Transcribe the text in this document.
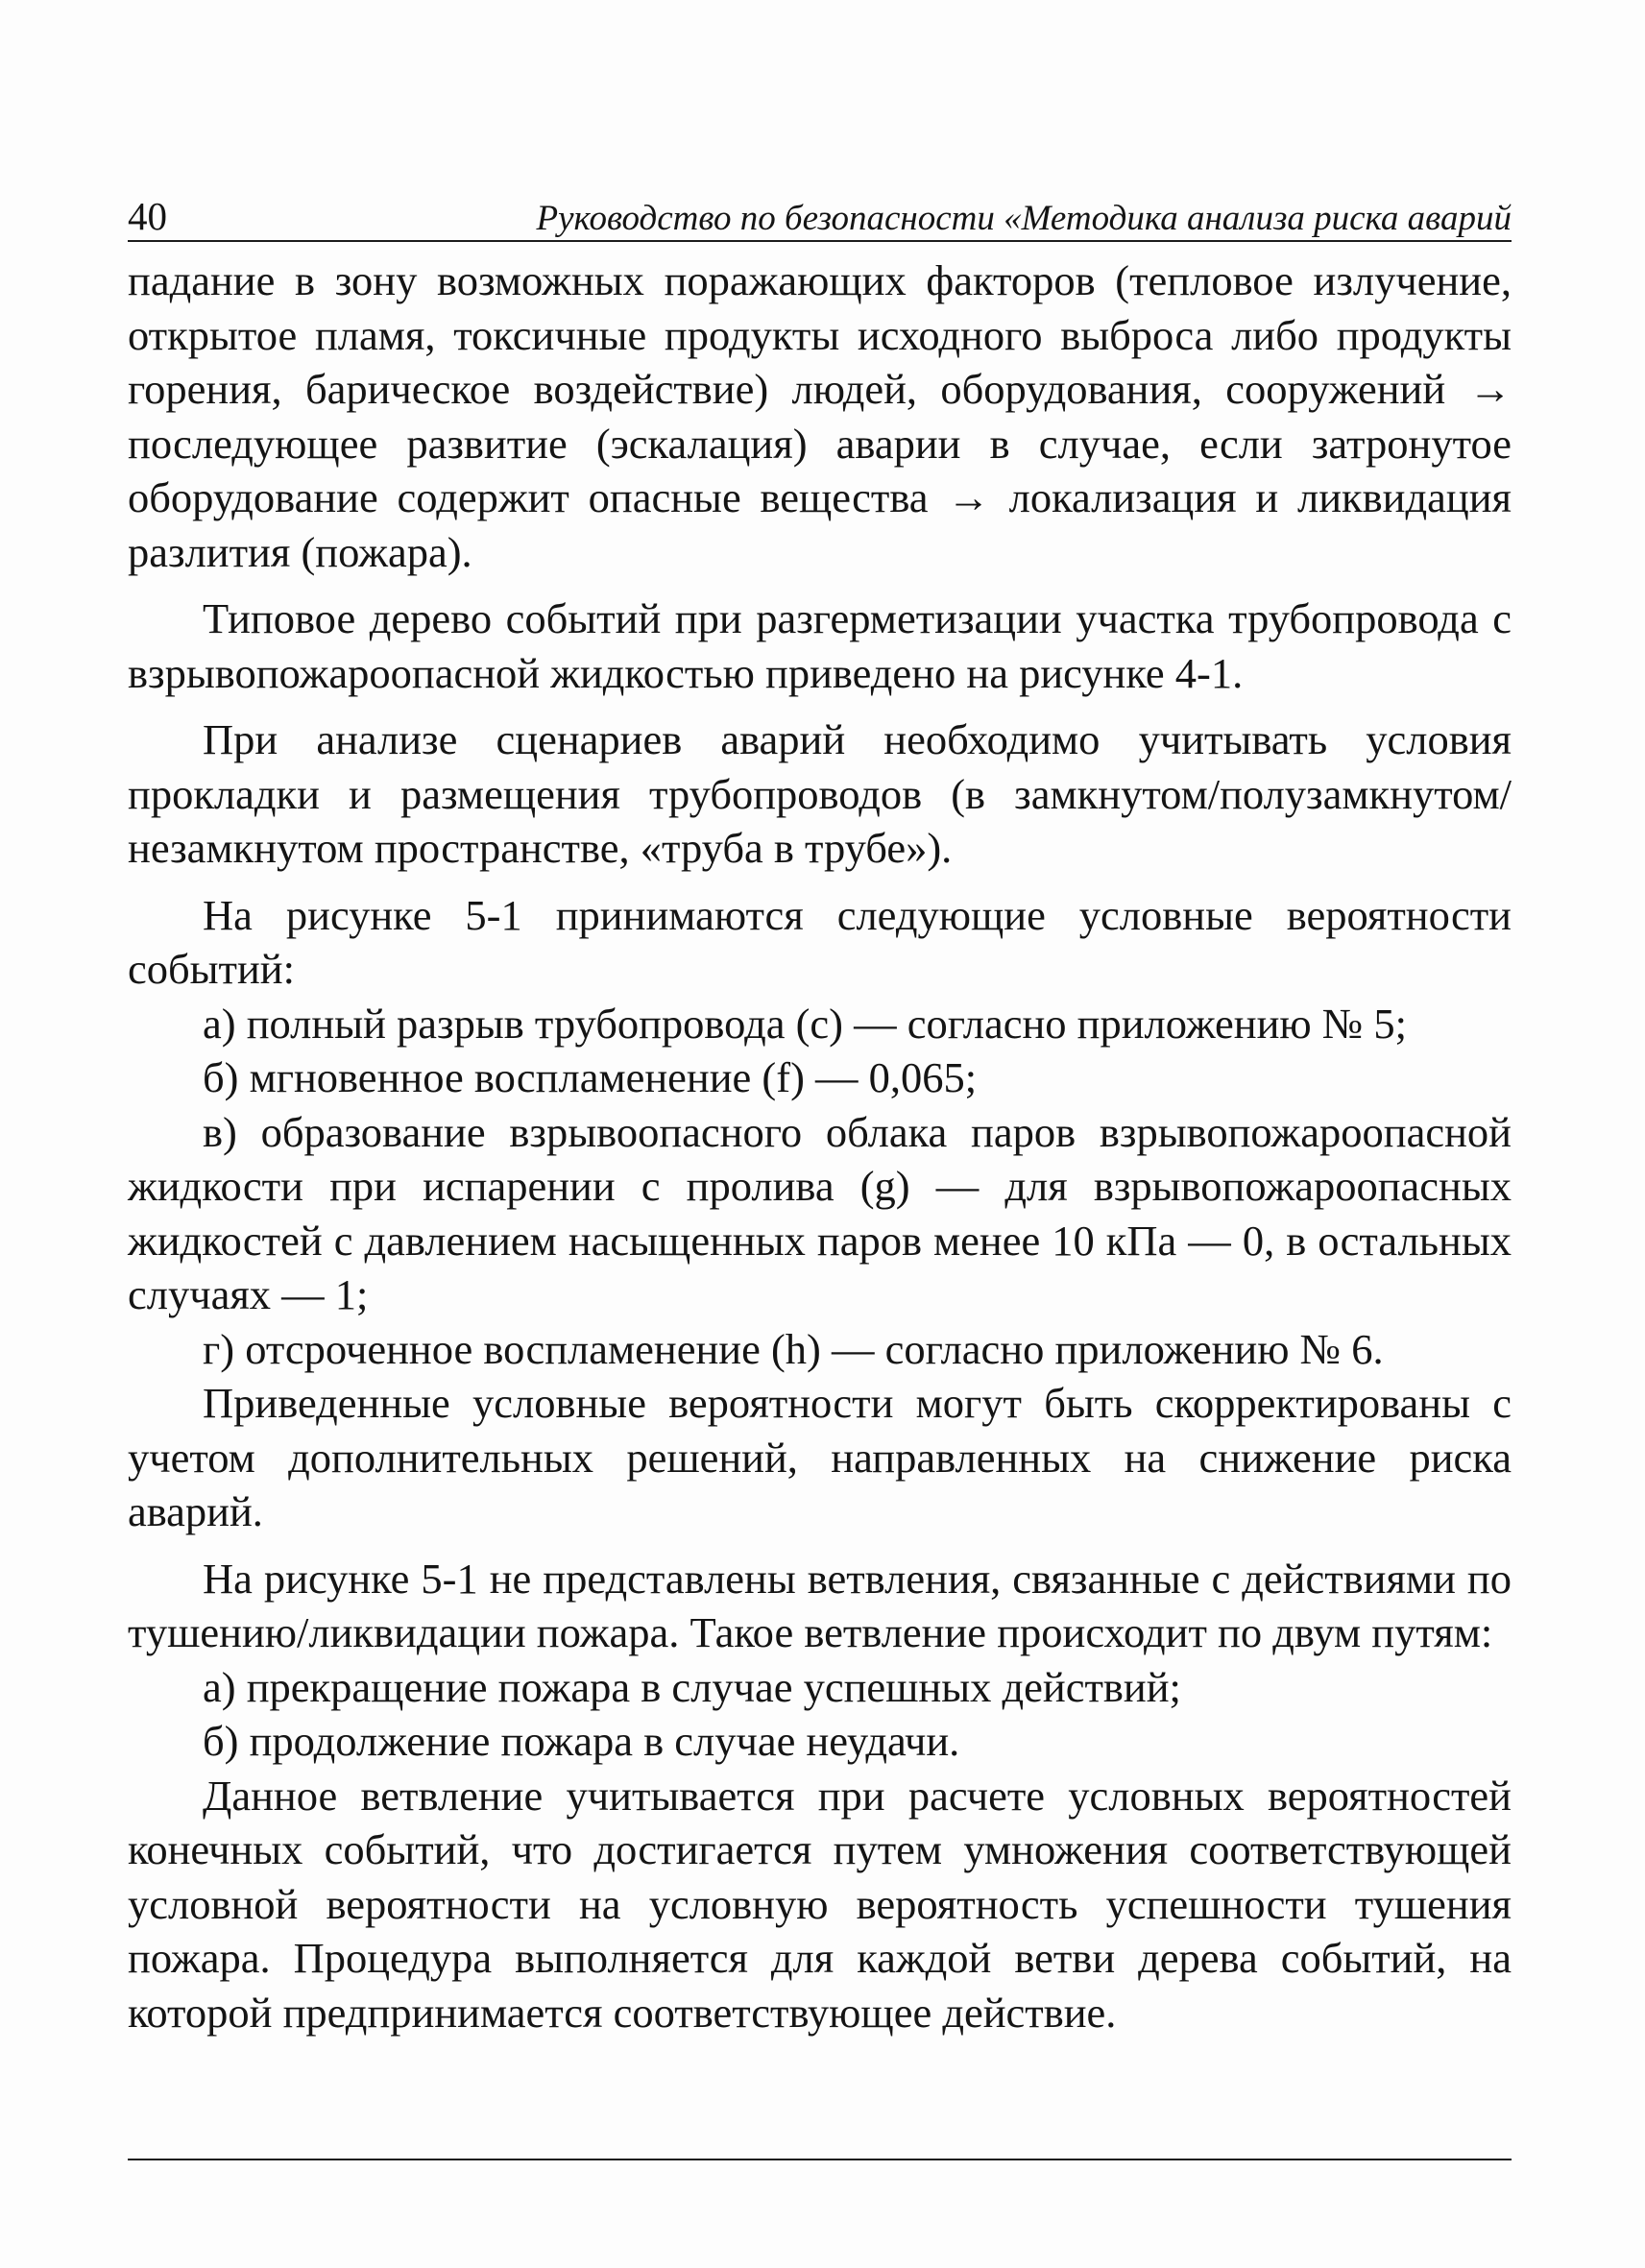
40	Руководство по безопасности «Методика анализа риска аварий

падание в зону возможных поражающих факторов (тепловое излучение, открытое пламя, токсичные продукты исходного выброса либо продукты горения, барическое воздействие) людей, оборудования, сооружений → последующее развитие (эскалация) аварии в случае, если затронутое оборудование содержит опасные вещества → локализация и ликвидация разлития (пожара).

Типовое дерево событий при разгерметизации участка трубопровода с взрывопожароопасной жидкостью приведено на рисунке 4-1.

При анализе сценариев аварий необходимо учитывать условия прокладки и размещения трубопроводов (в замкнутом/полузамкнутом/незамкнутом пространстве, «труба в трубе»).

На рисунке 5-1 принимаются следующие условные вероятности событий:

а) полный разрыв трубопровода (c) — согласно приложению № 5;

б) мгновенное воспламенение (f) — 0,065;

в) образование взрывоопасного облака паров взрывопожароопасной жидкости при испарении с пролива (g) — для взрывопожароопасных жидкостей с давлением насыщенных паров менее 10 кПа — 0, в остальных случаях — 1;

г) отсроченное воспламенение (h) — согласно приложению № 6.

Приведенные условные вероятности могут быть скорректированы с учетом дополнительных решений, направленных на снижение риска аварий.

На рисунке 5-1 не представлены ветвления, связанные с действиями по тушению/ликвидации пожара. Такое ветвление происходит по двум путям:

а) прекращение пожара в случае успешных действий;

б) продолжение пожара в случае неудачи.

Данное ветвление учитывается при расчете условных вероятностей конечных событий, что достигается путем умножения соответствующей условной вероятности на условную вероятность успешности тушения пожара. Процедура выполняется для каждой ветви дерева событий, на которой предпринимается соответствующее действие.
